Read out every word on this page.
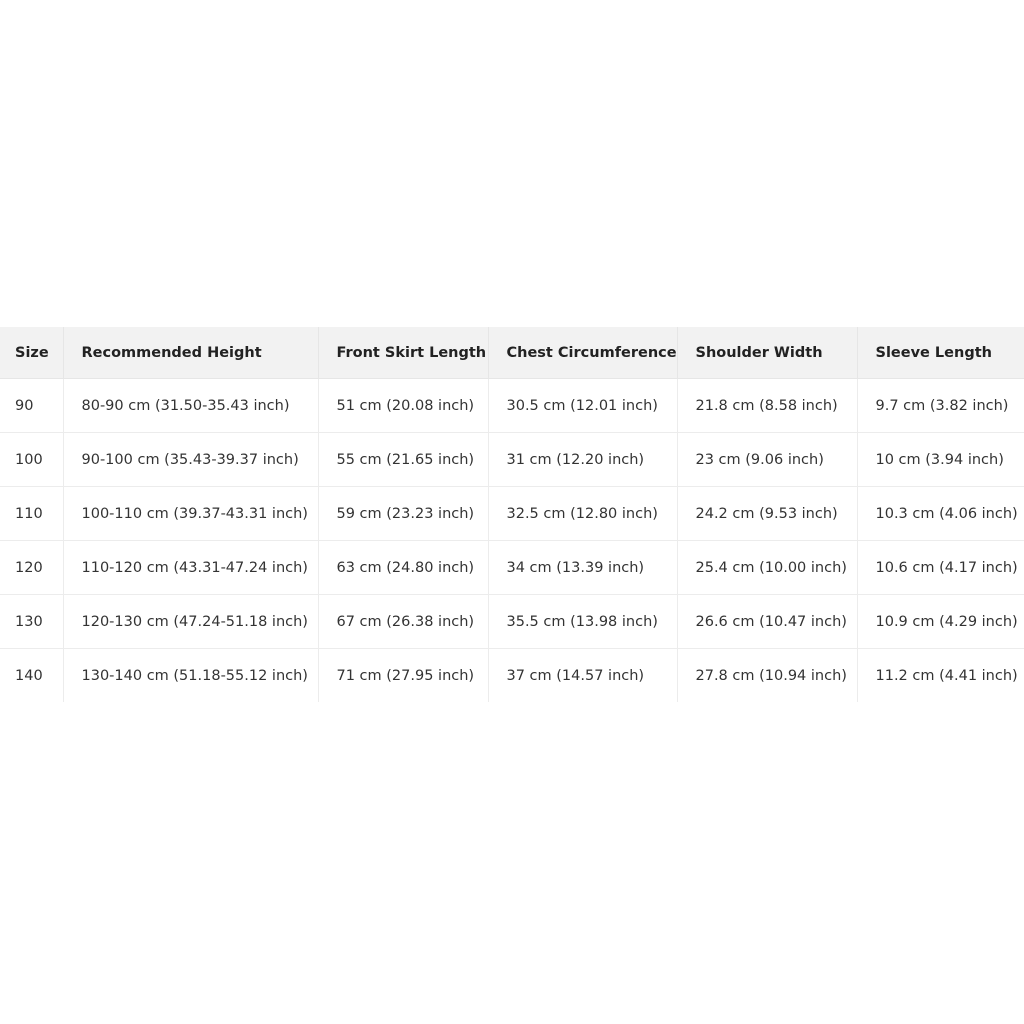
Size	Recommended Height	Front Skirt Length	Chest Circumference	Shoulder Width	Sleeve Length
90	80-90 cm (31.50-35.43 inch)	51 cm (20.08 inch)	30.5 cm (12.01 inch)	21.8 cm (8.58 inch)	9.7 cm (3.82 inch)
100	90-100 cm (35.43-39.37 inch)	55 cm (21.65 inch)	31 cm (12.20 inch)	23 cm (9.06 inch)	10 cm (3.94 inch)
110	100-110 cm (39.37-43.31 inch)	59 cm (23.23 inch)	32.5 cm (12.80 inch)	24.2 cm (9.53 inch)	10.3 cm (4.06 inch)
120	110-120 cm (43.31-47.24 inch)	63 cm (24.80 inch)	34 cm (13.39 inch)	25.4 cm (10.00 inch)	10.6 cm (4.17 inch)
130	120-130 cm (47.24-51.18 inch)	67 cm (26.38 inch)	35.5 cm (13.98 inch)	26.6 cm (10.47 inch)	10.9 cm (4.29 inch)
140	130-140 cm (51.18-55.12 inch)	71 cm (27.95 inch)	37 cm (14.57 inch)	27.8 cm (10.94 inch)	11.2 cm (4.41 inch)
